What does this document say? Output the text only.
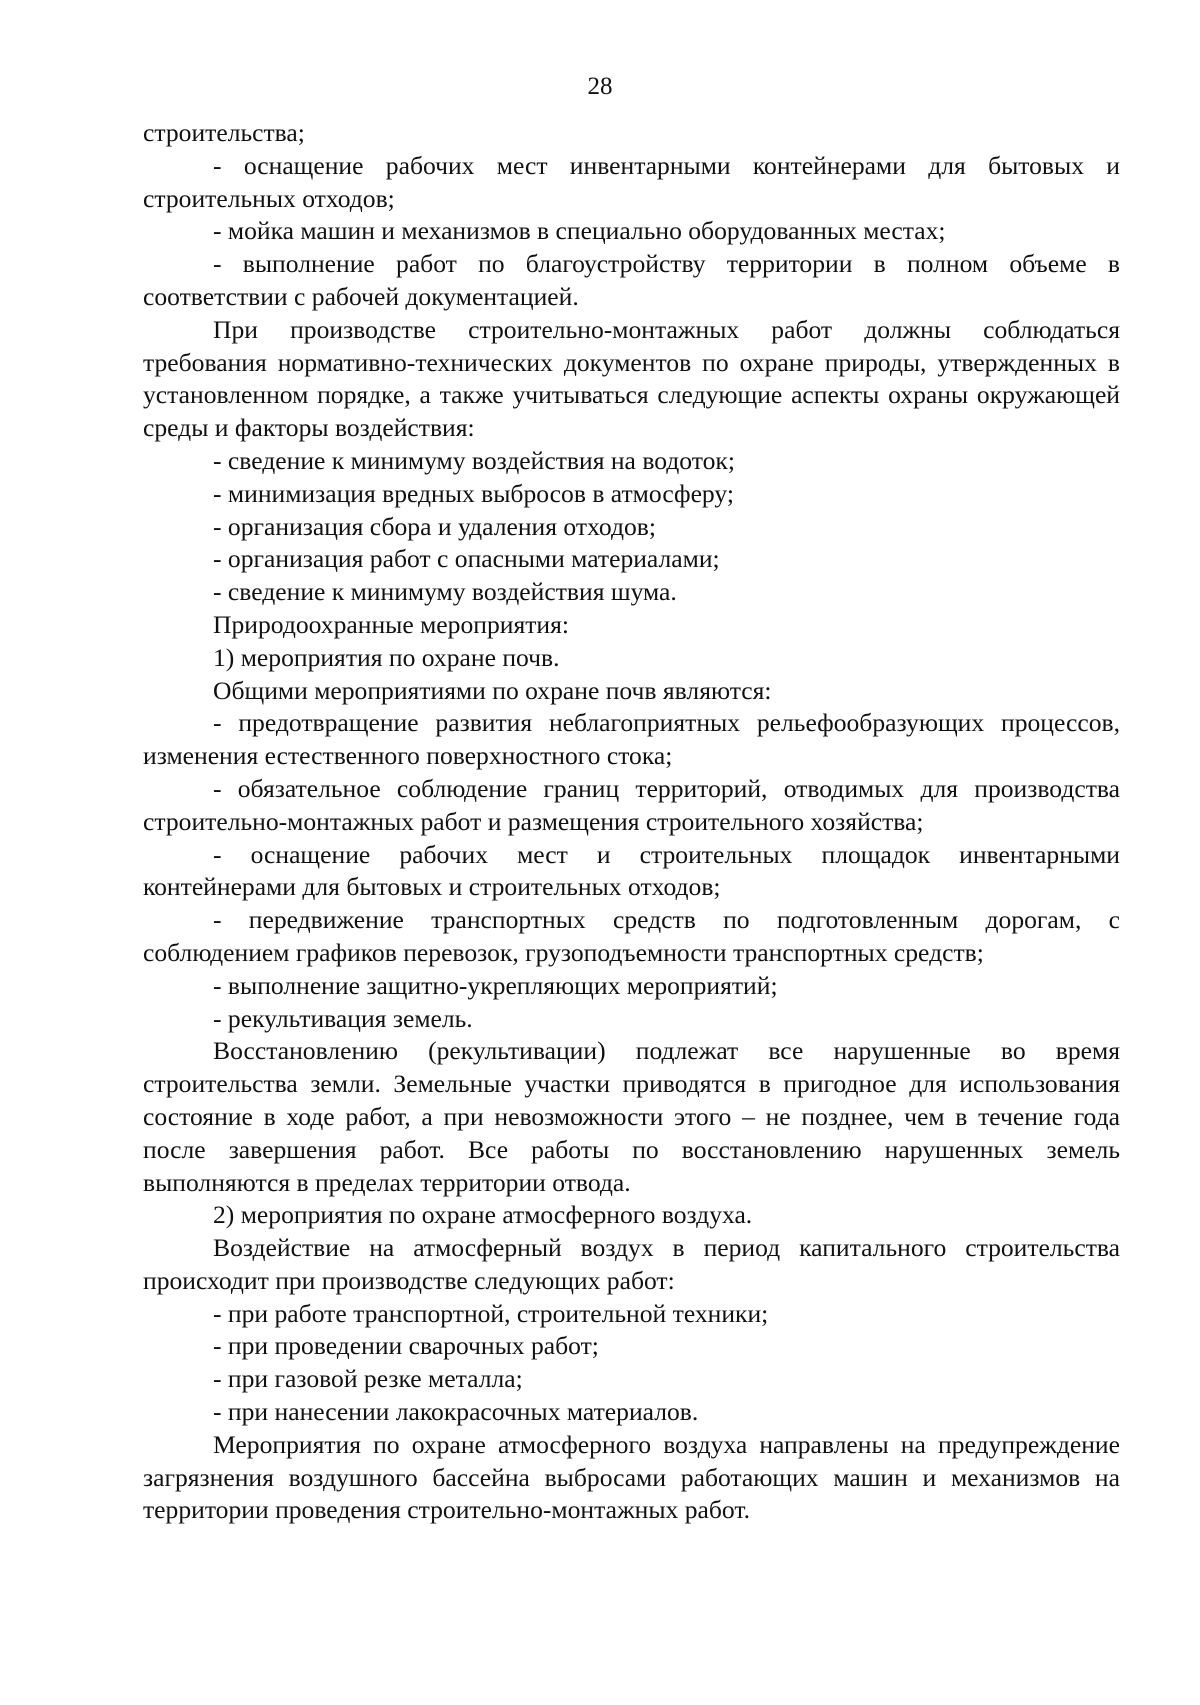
28

строительства;

- оснащение рабочих мест инвентарными контейнерами для бытовых и строительных отходов;

- мойка машин и механизмов в специально оборудованных местах;

- выполнение работ по благоустройству территории в полном объеме в соответствии с рабочей документацией.

При производстве строительно-монтажных работ должны соблюдаться требования нормативно-технических документов по охране природы, утвержденных в установленном порядке, а также учитываться следующие аспекты охраны окружающей среды и факторы воздействия:

- сведение к минимуму воздействия на водоток;

- минимизация вредных выбросов в атмосферу;

- организация сбора и удаления отходов;

- организация работ с опасными материалами;

- сведение к минимуму воздействия шума.

Природоохранные мероприятия:

1) мероприятия по охране почв.

Общими мероприятиями по охране почв являются:

- предотвращение развития неблагоприятных рельефообразующих процессов, изменения естественного поверхностного стока;

- обязательное соблюдение границ территорий, отводимых для производства строительно-монтажных работ и размещения строительного хозяйства;

- оснащение рабочих мест и строительных площадок инвентарными контейнерами для бытовых и строительных отходов;

- передвижение транспортных средств по подготовленным дорогам, с соблюдением графиков перевозок, грузоподъемности транспортных средств;

- выполнение защитно-укрепляющих мероприятий;

- рекультивация земель.

Восстановлению (рекультивации) подлежат все нарушенные во время строительства земли. Земельные участки приводятся в пригодное для использования состояние в ходе работ, а при невозможности этого – не позднее, чем в течение года после завершения работ. Все работы по восстановлению нарушенных земель выполняются в пределах территории отвода.

2) мероприятия по охране атмосферного воздуха.

Воздействие на атмосферный воздух в период капитального строительства происходит при производстве следующих работ:

- при работе транспортной, строительной техники;

- при проведении сварочных работ;

- при газовой резке металла;

- при нанесении лакокрасочных материалов.

Мероприятия по охране атмосферного воздуха направлены на предупреждение загрязнения воздушного бассейна выбросами работающих машин и механизмов на территории проведения строительно-монтажных работ.
